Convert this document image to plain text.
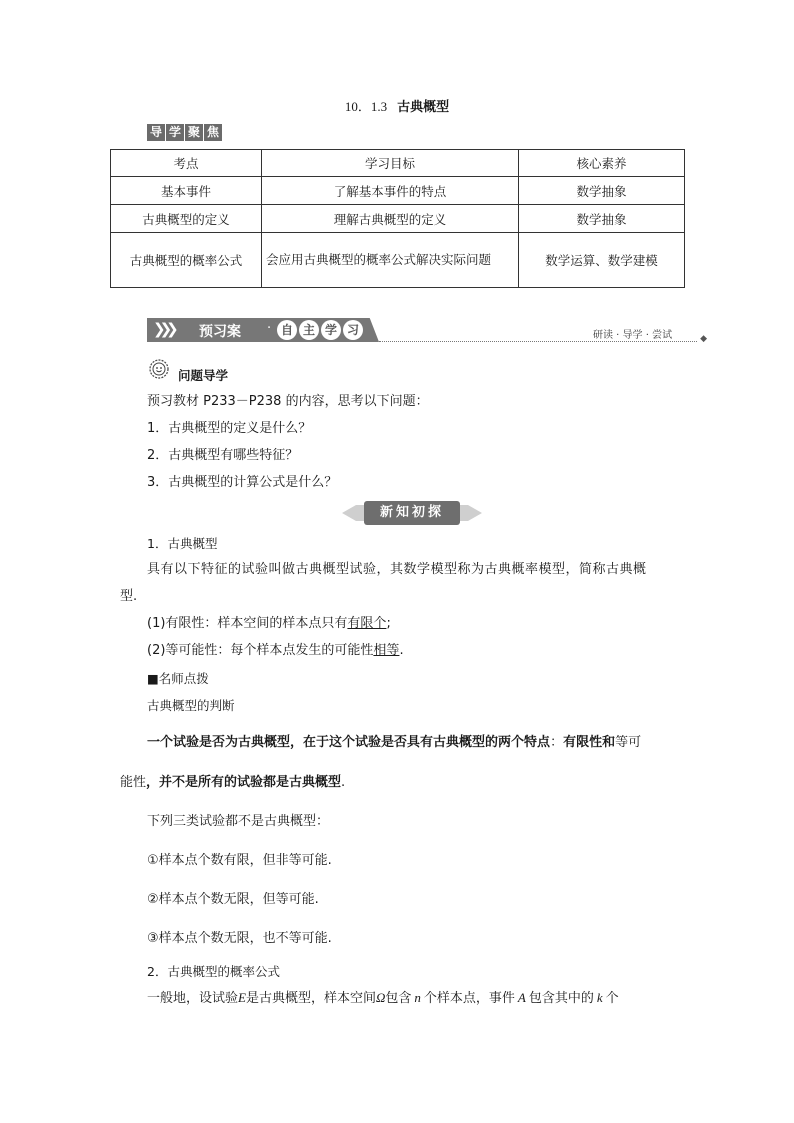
10．1.3 古典概型
导 学 聚 焦
考点	学习目标	核心素养
基本事件	了解基本事件的特点	数学抽象
古典概型的定义	理解古典概型的定义	数学抽象
古典概型的概率公式	会应用古典概型的概率公式解决实际问题	数学运算、数学建模
❯❯❯ 预习案 · 自 主 学 习	研读 · 导学 · 尝试	◆
问题导学
预习教材 P233－P238 的内容，思考以下问题：
1．古典概型的定义是什么？
2．古典概型有哪些特征？
3．古典概型的计算公式是什么？
新知初探
1．古典概型
具有以下特征的试验叫做古典概型试验，其数学模型称为古典概率模型，简称古典概
型.
(1)有限性：样本空间的样本点只有有限个;
(2)等可能性：每个样本点发生的可能性相等.
■名师点拨
古典概型的判断
一个试验是否为古典概型，在于这个试验是否具有古典概型的两个特点：有限性和等可
能性，并不是所有的试验都是古典概型.
下列三类试验都不是古典概型：
①样本点个数有限，但非等可能.
②样本点个数无限，但等可能.
③样本点个数无限，也不等可能.
2．古典概型的概率公式
一般地，设试验E是古典概型，样本空间Ω包含 n 个样本点，事件 A 包含其中的 k 个
